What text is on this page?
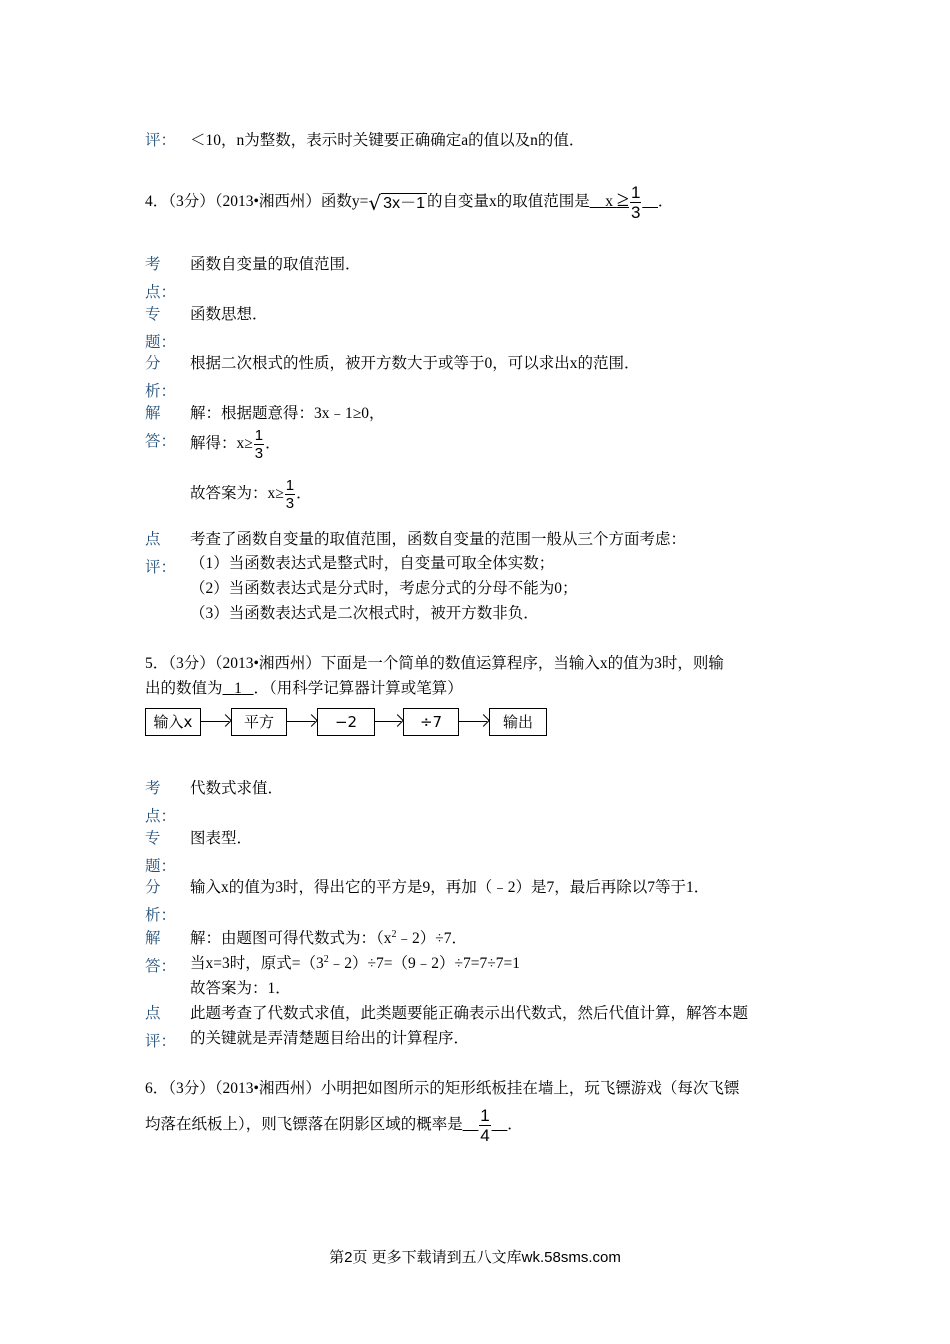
评： ＜10，n为整数，表示时关键要正确确定a的值以及n的值．
4．（3分）（2013•湘西州）函数y= √ 3x－1 的自变量x的取值范围是__x ≥ $\frac{1}{3}$ __．
考
点：
函数自变量的取值范围．
专
题：
函数思想．
分
析：
根据二次根式的性质，被开方数大于或等于0，可以求出x的范围．
解
答：
解：根据题意得：3x﹣1≥0，
解得：$x\ge \frac{1}{3}$ ．
故答案为：$x\ge \frac{1}{3}$ ．
点
评：
考查了函数自变量的取值范围，函数自变量的范围一般从三个方面考虑：
（1）当函数表达式是整式时，自变量可取全体实数；
（2）当函数表达式是分式时，考虑分式的分母不能为0；
（3）当函数表达式是二次根式时，被开方数非负．
5．（3分）（2013•湘西州）下面是一个简单的数值运算程序，当输入x的值为3时，则输
出的数值为 1 ．（用科学记算器计算或笔算）
输入x	平方	−2	÷7	输出
考
点：
代数式求值．
专
题：
图表型．
分
析：
输入x的值为3时，得出它的平方是9，再加（﹣2）是7，最后再除以7等于1．
解
答：
解：由题图可得代数式为：$(x^2﹣2)\div 7$．
当x=3时，原式$=(3^2﹣2)\div 7=(9﹣2)\div 7=7\div 7=1$
故答案为：1．
点
评：
此题考查了代数式求值，此类题要能正确表示出代数式，然后代值计算，解答本题
的关键就是弄清楚题目给出的计算程序．
6．（3分）（2013•湘西州）小明把如图所示的矩形纸板挂在墙上，玩飞镖游戏（每次飞镖
均落在纸板上），则飞镖落在阴影区域的概率是__ $\frac{1}{4}$ __．
第2页 更多下载请到五八文库wk.58sms.com
